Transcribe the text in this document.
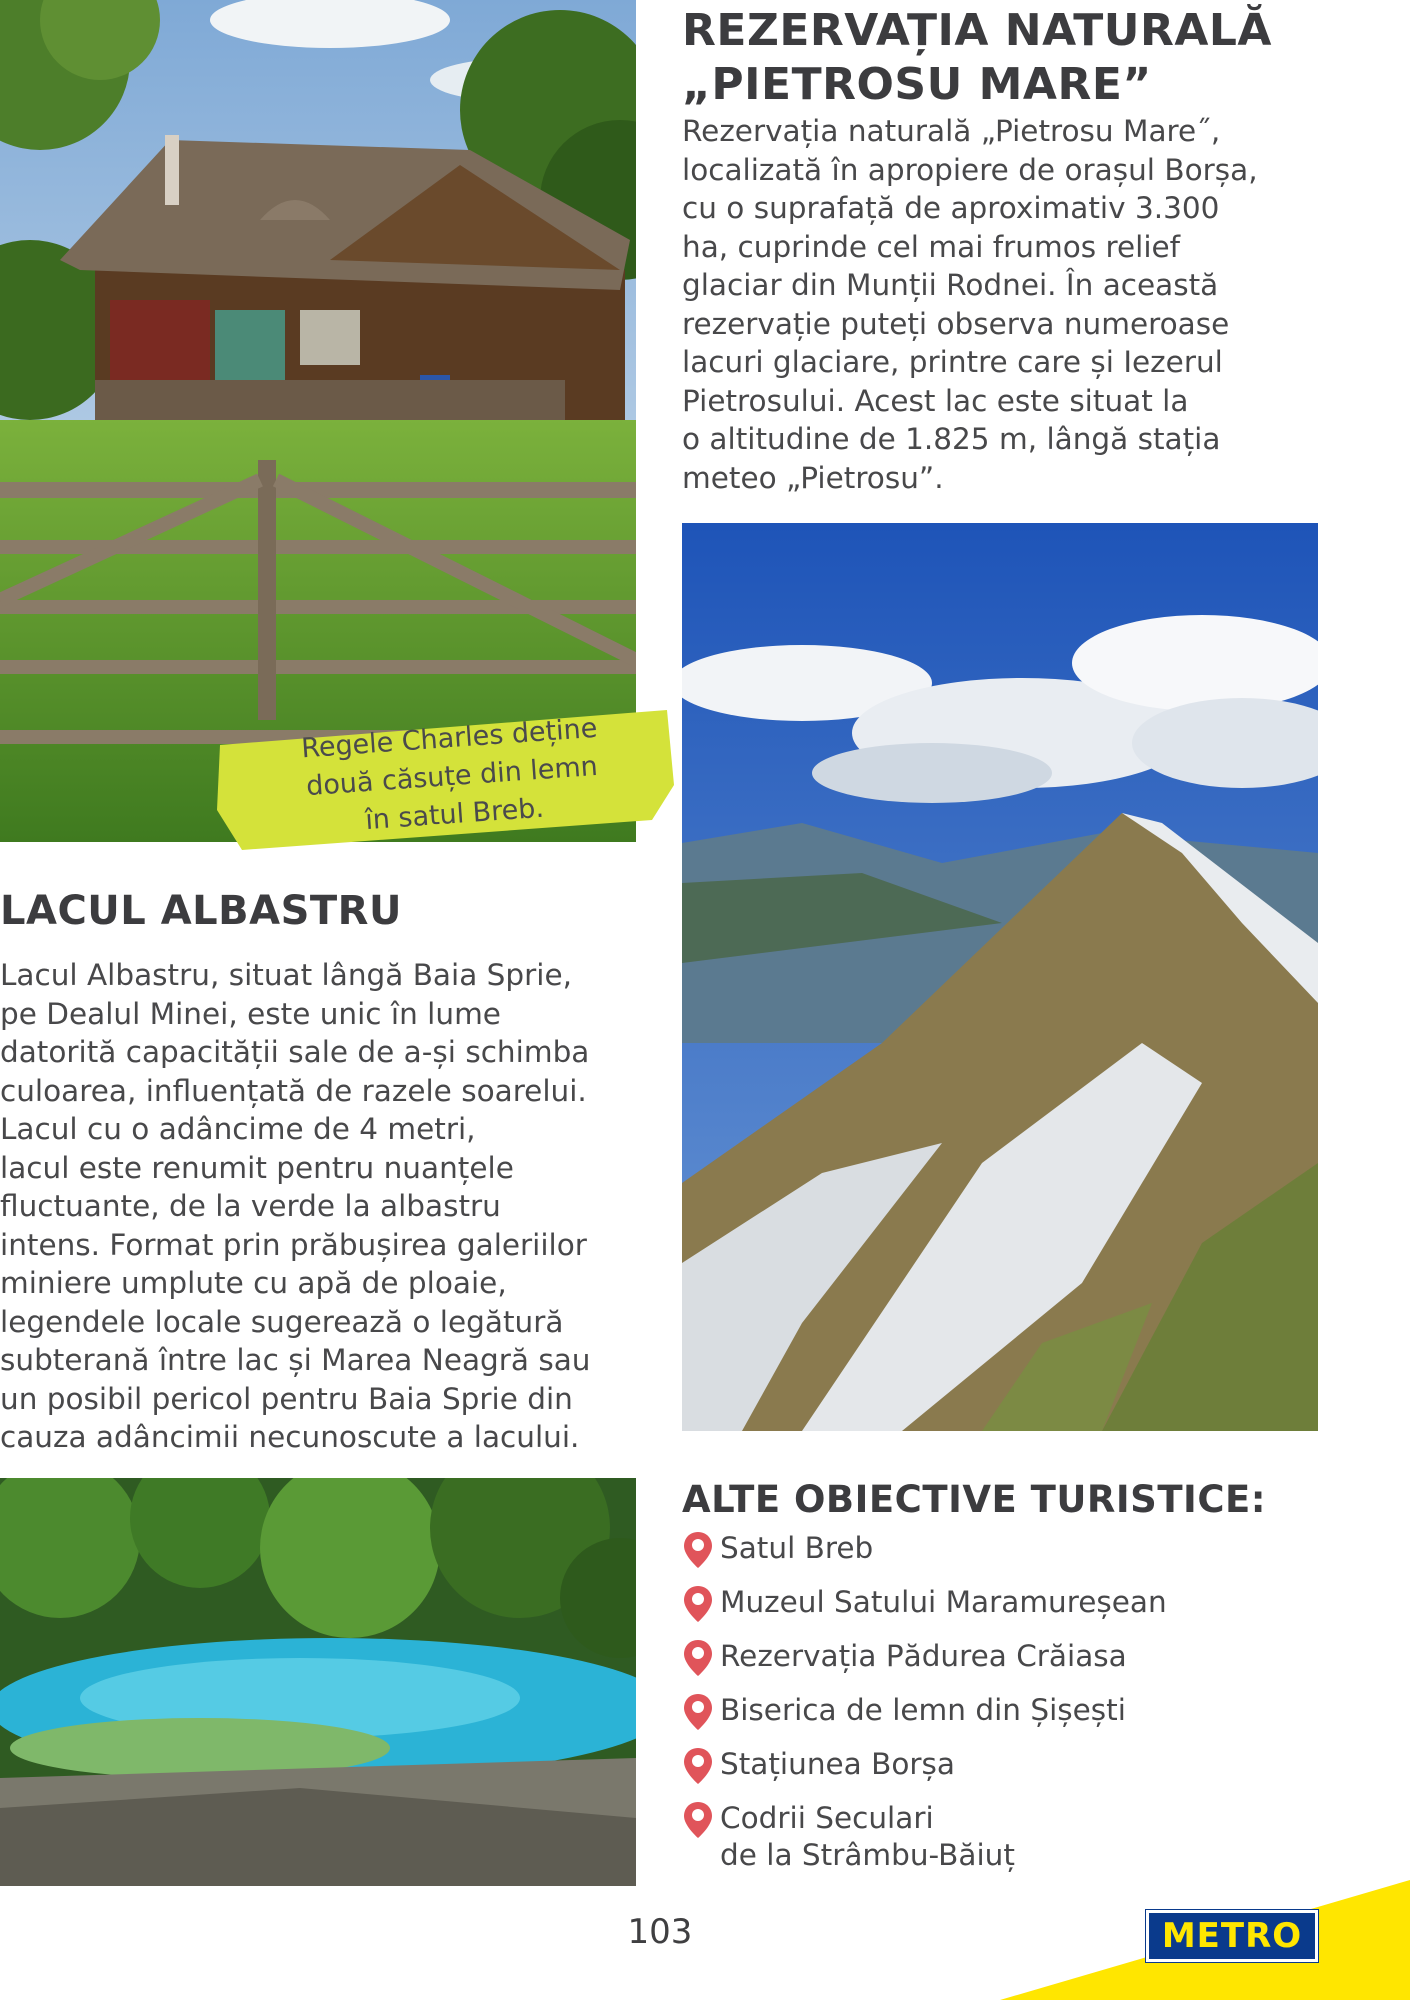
Regele Charles deține
două căsuțe din lemn
în satul Breb.
REZERVAȚIA NATURALĂ
„PIETROSU MARE”
Rezervația naturală „Pietrosu Mare˝,
localizată în apropiere de orașul Borșa,
cu o suprafață de aproximativ 3.300
ha, cuprinde cel mai frumos relief
glaciar din Munții Rodnei. În această
rezervație puteți observa numeroase
lacuri glaciare, printre care și Iezerul
Pietrosului. Acest lac este situat la
o altitudine de 1.825 m, lângă stația
meteo „Pietrosu”.
LACUL ALBASTRU
Lacul Albastru, situat lângă Baia Sprie,
pe Dealul Minei, este unic în lume
datorită capacității sale de a-și schimba
culoarea, influențată de razele soarelui.
Lacul cu o adâncime de 4 metri,
lacul este renumit pentru nuanțele
fluctuante, de la verde la albastru
intens. Format prin prăbușirea galeriilor
miniere umplute cu apă de ploaie,
legendele locale sugerează o legătură
subterană între lac și Marea Neagră sau
un posibil pericol pentru Baia Sprie din
cauza adâncimii necunoscute a lacului.
ALTE OBIECTIVE TURISTICE:
Satul Breb
Muzeul Satului Maramureșean
Rezervația Pădurea Crăiasa
Biserica de lemn din Șișești
Stațiunea Borșa
Codrii Seculari
de la Strâmbu-Băiuț
103	METRO
